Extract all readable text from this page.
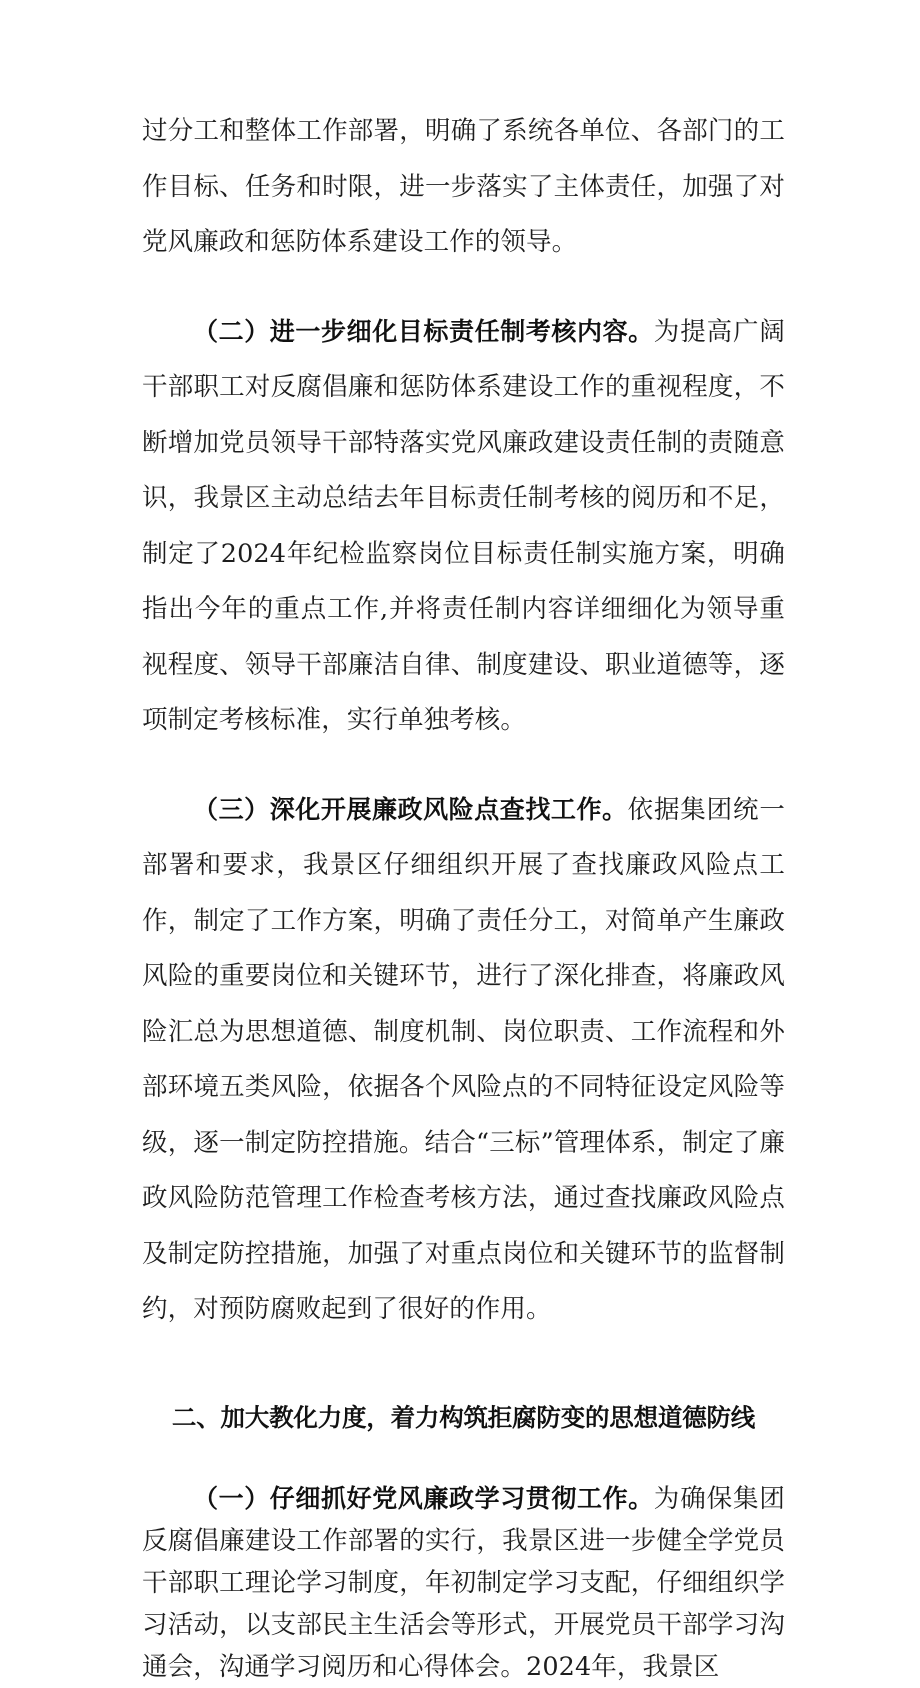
过分工和整体工作部署，明确了系统各单位、各部门的工作目标、任务和时限，进一步落实了主体责任，加强了对党风廉政和惩防体系建设工作的领导。

（二）进一步细化目标责任制考核内容。为提高广阔干部职工对反腐倡廉和惩防体系建设工作的重视程度，不断增加党员领导干部特落实党风廉政建设责任制的责随意识，我景区主动总结去年目标责任制考核的阅历和不足，制定了2024年纪检监察岗位目标责任制实施方案，明确指出今年的重点工作,并将责任制内容详细细化为领导重视程度、领导干部廉洁自律、制度建设、职业道德等，逐项制定考核标准，实行单独考核。

（三）深化开展廉政风险点查找工作。依据集团统一部署和要求，我景区仔细组织开展了查找廉政风险点工作，制定了工作方案，明确了责任分工，对简单产生廉政风险的重要岗位和关键环节，进行了深化排查，将廉政风险汇总为思想道德、制度机制、岗位职责、工作流程和外部环境五类风险，依据各个风险点的不同特征设定风险等级，逐一制定防控措施。结合“三标”管理体系，制定了廉政风险防范管理工作检查考核方法，通过查找廉政风险点及制定防控措施，加强了对重点岗位和关键环节的监督制约，对预防腐败起到了很好的作用。

二、加大教化力度，着力构筑拒腐防变的思想道德防线

（一）仔细抓好党风廉政学习贯彻工作。为确保集团反腐倡廉建设工作部署的实行，我景区进一步健全学党员干部职工理论学习制度，年初制定学习支配，仔细组织学习活动，以支部民主生活会等形式，开展党员干部学习沟通会，沟通学习阅历和心得体会。2024年，我景区
